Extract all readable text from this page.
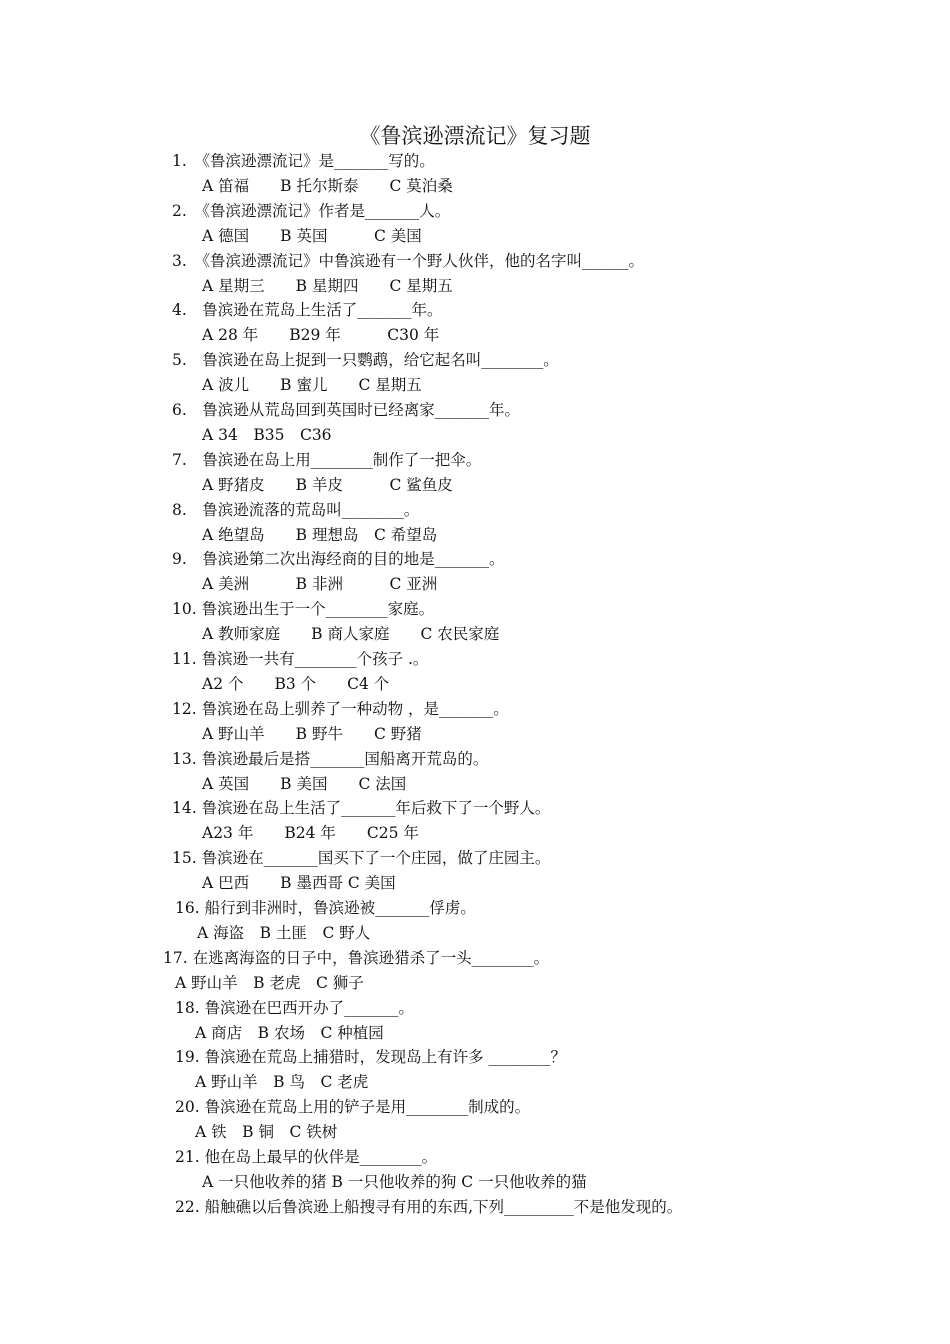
《鲁滨逊漂流记》复习题
1.　《鲁滨逊漂流记》是_______写的。
A 笛福　　B 托尔斯泰　　C 莫泊桑
2.　《鲁滨逊漂流记》作者是_______人。
A 德国　　B 英国　　　C 美国
3.　《鲁滨逊漂流记》中鲁滨逊有一个野人伙伴，他的名字叫______。
A 星期三　　B 星期四　　C 星期五
4.　鲁滨逊在荒岛上生活了_______年。
A 28 年　　B29 年　　　C30 年
5.　鲁滨逊在岛上捉到一只鹦鹉，给它起名叫________。
A 波儿　　B 蜜儿　　C 星期五
6.　鲁滨逊从荒岛回到英国时已经离家_______年。
A 34　B35　C36
7.　鲁滨逊在岛上用________制作了一把伞。
A 野猪皮　　B 羊皮　　　C 鲨鱼皮
8.　鲁滨逊流落的荒岛叫________。
A 绝望岛　　B 理想岛　C 希望岛
9.　鲁滨逊第二次出海经商的目的地是_______。
A 美洲　　　B 非洲　　　C 亚洲
10. 鲁滨逊出生于一个________家庭。
A 教师家庭　　B 商人家庭　　C 农民家庭
11. 鲁滨逊一共有________个孩子 .。
A2 个　　B3 个　　C4 个
12. 鲁滨逊在岛上驯养了一种动物 ，是_______。
A 野山羊　　B 野牛　　C 野猪
13. 鲁滨逊最后是搭_______国船离开荒岛的。
A 英国　　B 美国　　C 法国
14. 鲁滨逊在岛上生活了_______年后救下了一个野人。
A23 年　　B24 年　　C25 年
15. 鲁滨逊在_______国买下了一个庄园，做了庄园主。
A 巴西　　B 墨西哥 C 美国
16. 船行到非洲时，鲁滨逊被_______俘虏。
A 海盗　B 土匪　C 野人
17. 在逃离海盗的日子中，鲁滨逊猎杀了一头________。
A 野山羊　B 老虎　C 狮子
18. 鲁滨逊在巴西开办了_______。
A 商店　B 农场　C 种植园
19. 鲁滨逊在荒岛上捕猎时，发现岛上有许多 ________？
A 野山羊　B 鸟　C 老虎
20. 鲁滨逊在荒岛上用的铲子是用________制成的。
A 铁　B 铜　C 铁树
21. 他在岛上最早的伙伴是________。
A 一只他收养的猪 B 一只他收养的狗 C 一只他收养的猫
22. 船触礁以后鲁滨逊上船搜寻有用的东西,下列_________不是他发现的。
